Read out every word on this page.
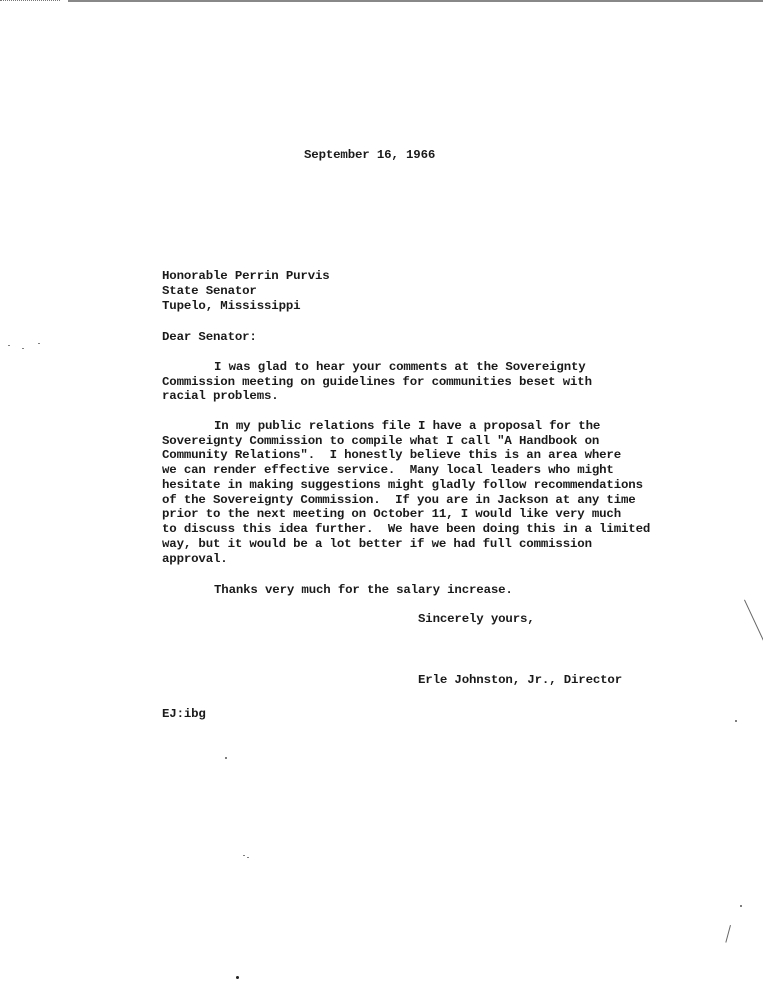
September 16, 1966
Honorable Perrin Purvis
State Senator
Tupelo, Mississippi
Dear Senator:
I was glad to hear your comments at the Sovereignty
Commission meeting on guidelines for communities beset with
racial problems.
In my public relations file I have a proposal for the
Sovereignty Commission to compile what I call "A Handbook on
Community Relations".  I honestly believe this is an area where
we can render effective service.  Many local leaders who might
hesitate in making suggestions might gladly follow recommendations
of the Sovereignty Commission.  If you are in Jackson at any time
prior to the next meeting on October 11, I would like very much
to discuss this idea further.  We have been doing this in a limited
way, but it would be a lot better if we had full commission
approval.
Thanks very much for the salary increase.
Sincerely yours,
Erle Johnston, Jr., Director
EJ:ibg
